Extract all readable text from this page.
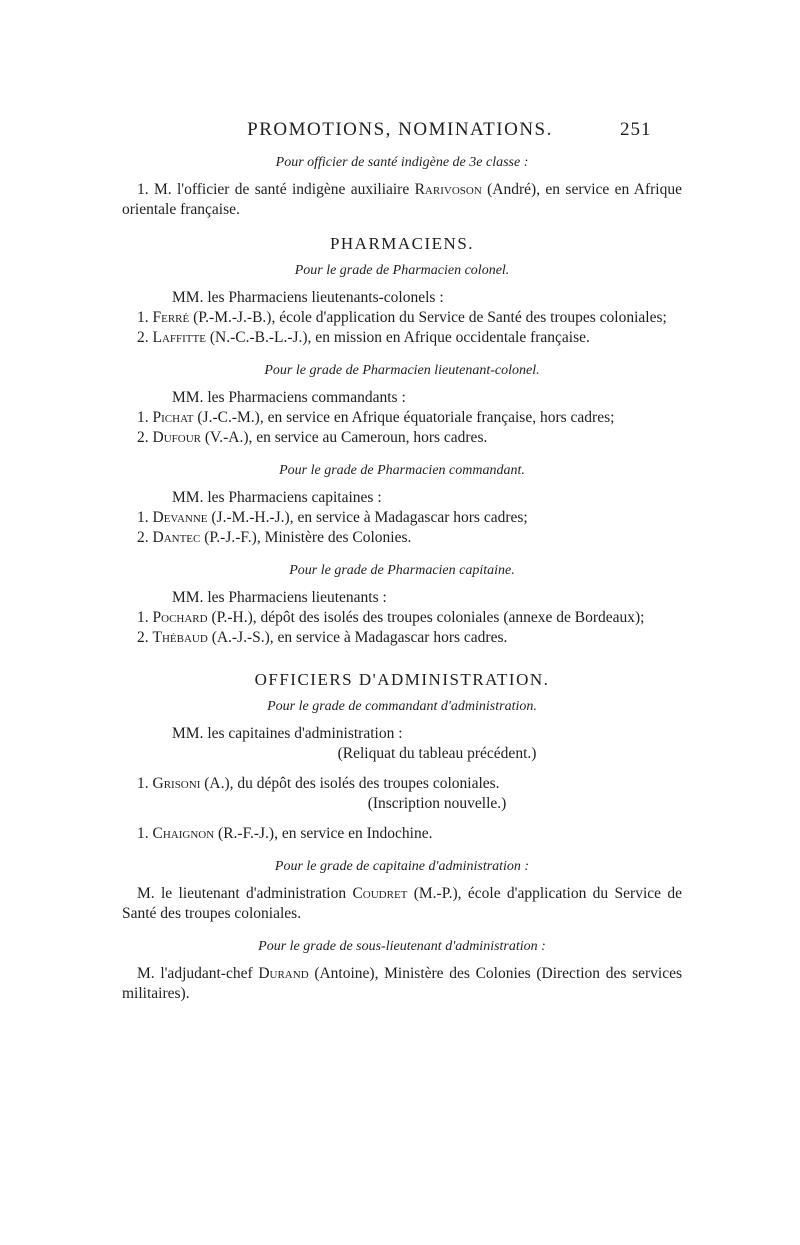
PROMOTIONS, NOMINATIONS.	251

Pour officier de santé indigène de 3e classe :

1. M. l'officier de santé indigène auxiliaire Rarivoson (André), en service en Afrique orientale française.

PHARMACIENS.

Pour le grade de Pharmacien colonel.

MM. les Pharmaciens lieutenants-colonels :

1. Ferré (P.-M.-J.-B.), école d'application du Service de Santé des troupes coloniales;

2. Laffitte (N.-C.-B.-L.-J.), en mission en Afrique occidentale française.

Pour le grade de Pharmacien lieutenant-colonel.

MM. les Pharmaciens commandants :

1. Pichat (J.-C.-M.), en service en Afrique équatoriale française, hors cadres;

2. Dufour (V.-A.), en service au Cameroun, hors cadres.

Pour le grade de Pharmacien commandant.

MM. les Pharmaciens capitaines :

1. Devanne (J.-M.-H.-J.), en service à Madagascar hors cadres;

2. Dantec (P.-J.-F.), Ministère des Colonies.

Pour le grade de Pharmacien capitaine.

MM. les Pharmaciens lieutenants :

1. Pochard (P.-H.), dépôt des isolés des troupes coloniales (annexe de Bordeaux);

2. Thébaud (A.-J.-S.), en service à Madagascar hors cadres.

OFFICIERS D'ADMINISTRATION.

Pour le grade de commandant d'administration.

MM. les capitaines d'administration :

(Reliquat du tableau précédent.)

1. Grisoni (A.), du dépôt des isolés des troupes coloniales.

(Inscription nouvelle.)

1. Chaignon (R.-F.-J.), en service en Indochine.

Pour le grade de capitaine d'administration :

M. le lieutenant d'administration Coudret (M.-P.), école d'application du Service de Santé des troupes coloniales.

Pour le grade de sous-lieutenant d'administration :

M. l'adjudant-chef Durand (Antoine), Ministère des Colonies (Direction des services militaires).
